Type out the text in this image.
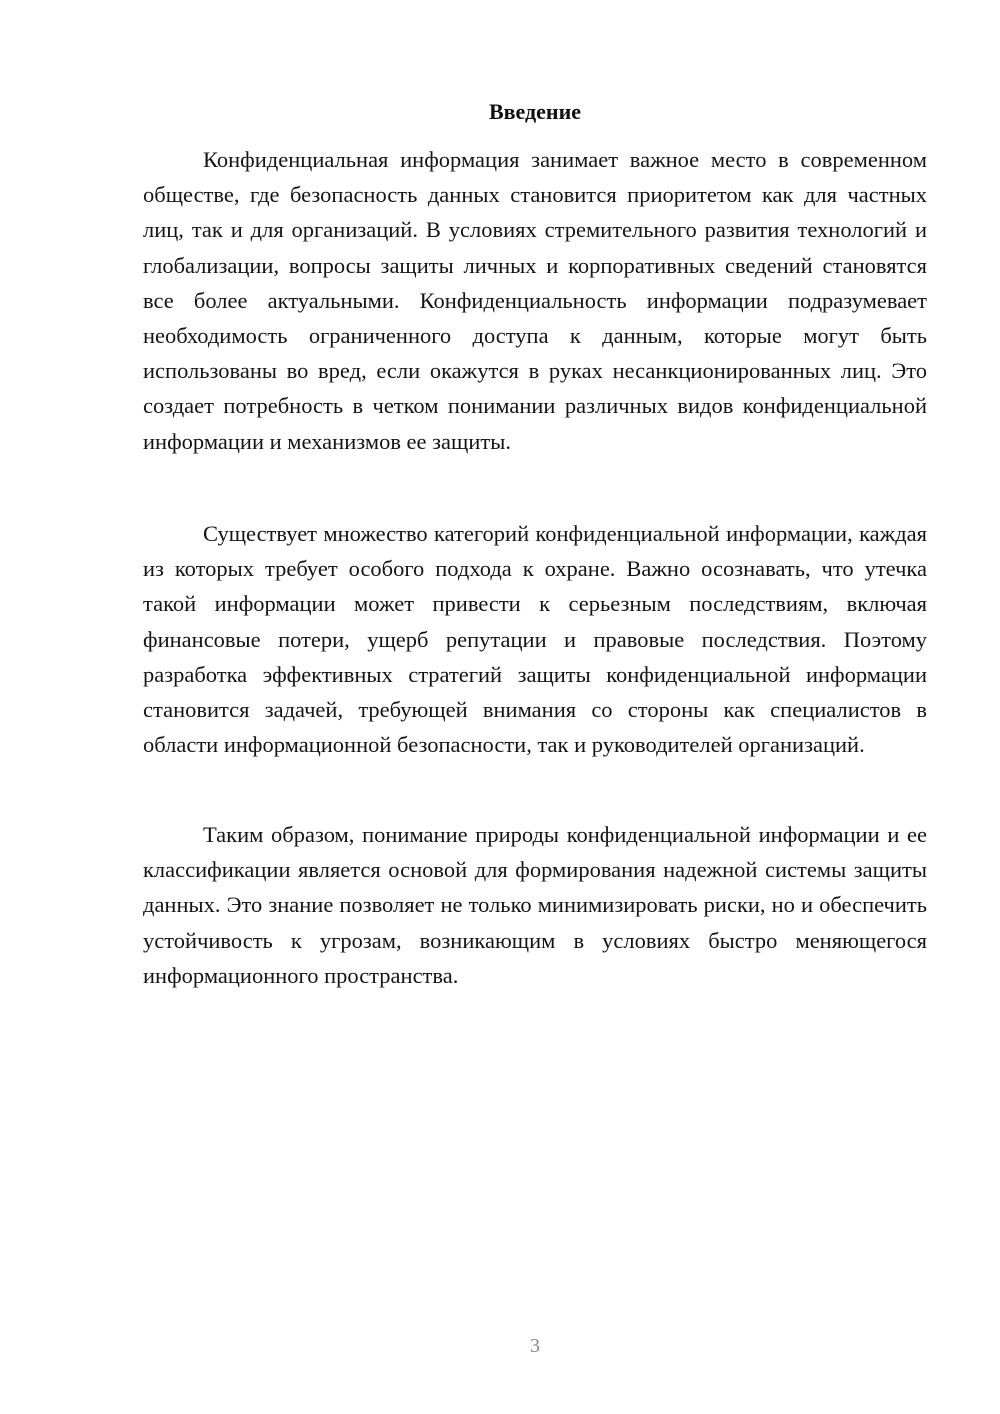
Введение

Конфиденциальная информация занимает важное место в современном обществе, где безопасность данных становится приоритетом как для частных лиц, так и для организаций. В условиях стремительного развития технологий и глобализации, вопросы защиты личных и корпоративных сведений становятся все более актуальными. Конфиденциальность информации подразумевает необходимость ограниченного доступа к данным, которые могут быть использованы во вред, если окажутся в руках несанкционированных лиц. Это создает потребность в четком понимании различных видов конфиденциальной информации и механизмов ее защиты.

Существует множество категорий конфиденциальной информации, каждая из которых требует особого подхода к охране. Важно осознавать, что утечка такой информации может привести к серьезным последствиям, включая финансовые потери, ущерб репутации и правовые последствия. Поэтому разработка эффективных стратегий защиты конфиденциальной информации становится задачей, требующей внимания со стороны как специалистов в области информационной безопасности, так и руководителей организаций.

Таким образом, понимание природы конфиденциальной информации и ее классификации является основой для формирования надежной системы защиты данных. Это знание позволяет не только минимизировать риски, но и обеспечить устойчивость к угрозам, возникающим в условиях быстро меняющегося информационного пространства.

3
